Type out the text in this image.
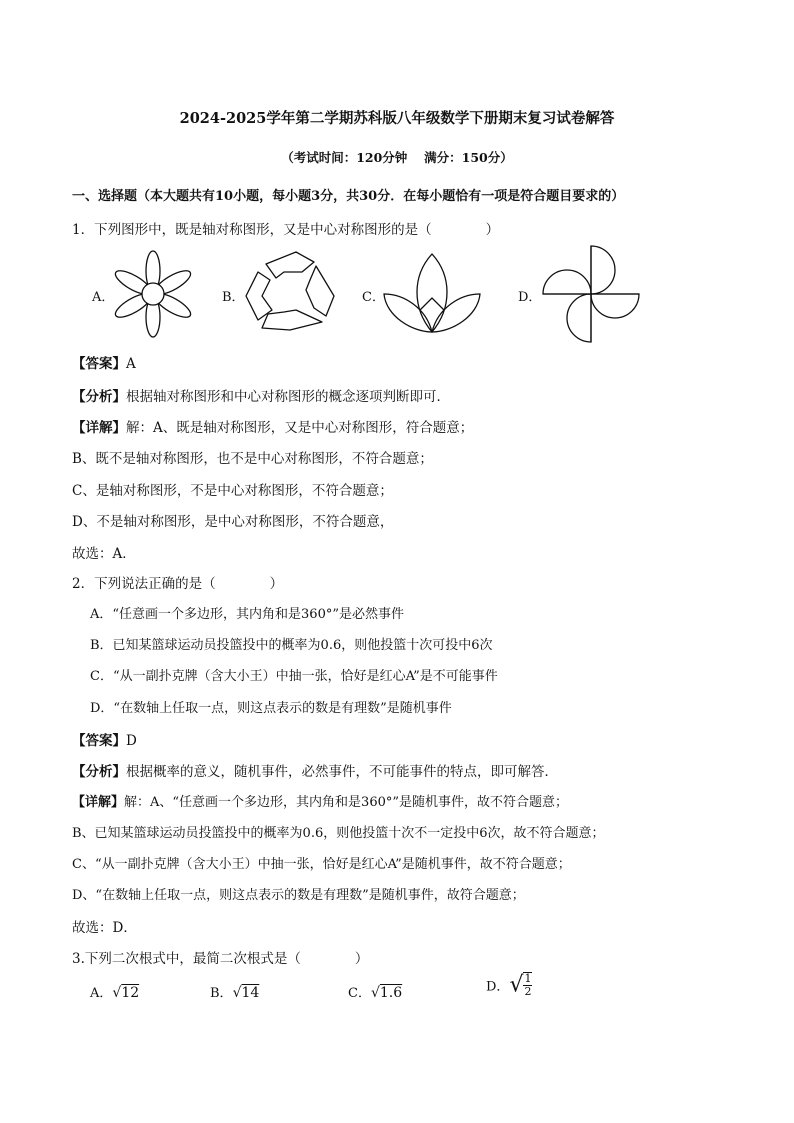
2024-2025学年第二学期苏科版八年级数学下册期末复习试卷解答
（考试时间：120分钟　 满分：150分）
一、选择题（本大题共有10小题，每小题3分，共30分．在每小题恰有一项是符合题目要求的）
1．下列图形中，既是轴对称图形，又是中心对称图形的是（　　　　）
A．	B．	C．	D．
【答案】A
【分析】根据轴对称图形和中心对称图形的概念逐项判断即可．
【详解】解：A、既是轴对称图形，又是中心对称图形，符合题意；
B、既不是轴对称图形，也不是中心对称图形，不符合题意；
C、是轴对称图形，不是中心对称图形，不符合题意；
D、不是轴对称图形，是中心对称图形，不符合题意，
故选：A．
2．下列说法正确的是（　　　　）
A．“任意画一个多边形，其内角和是360°”是必然事件
B．已知某篮球运动员投篮投中的概率为0.6，则他投篮十次可投中6次
C．“从一副扑克牌（含大小王）中抽一张，恰好是红心A”是不可能事件
D．“在数轴上任取一点，则这点表示的数是有理数”是随机事件
【答案】D
【分析】根据概率的意义，随机事件，必然事件，不可能事件的特点，即可解答．
【详解】解：A、“任意画一个多边形，其内角和是360°”是随机事件，故不符合题意；
B、已知某篮球运动员投篮投中的概率为0.6，则他投篮十次不一定投中6次，故不符合题意；
C、“从一副扑克牌（含大小王）中抽一张，恰好是红心A”是随机事件，故不符合题意；
D、“在数轴上任取一点，则这点表示的数是有理数”是随机事件，故符合题意；
故选：D．
3.下列二次根式中，最简二次根式是（　　　　）
A．√12	B．√14	C．√1.6	D．√ $\frac{1}{2}$
